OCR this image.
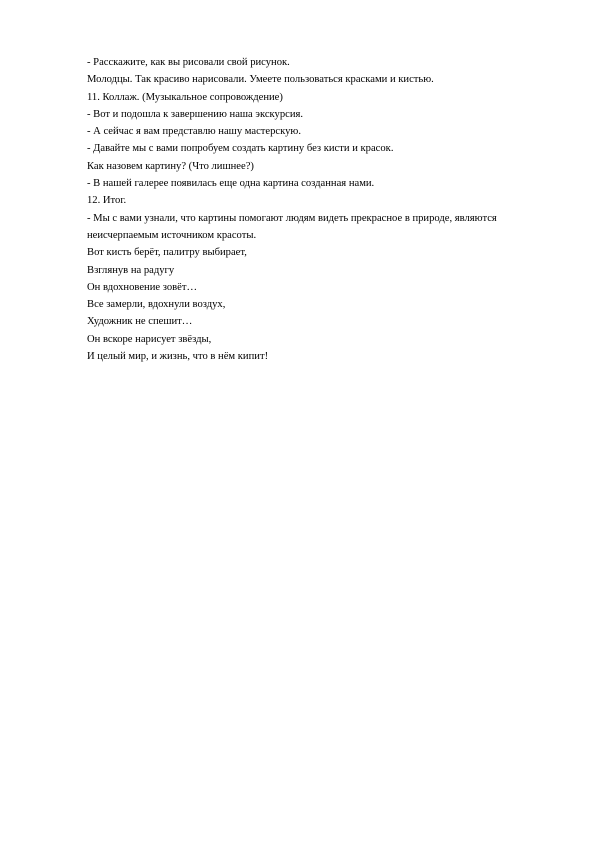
- Расскажите, как вы рисовали свой рисунок.

Молодцы. Так красиво нарисовали. Умеете пользоваться красками и кистью.

11. Коллаж. (Музыкальное сопровождение)

- Вот и подошла к завершению наша экскурсия.

- А сейчас я вам представлю нашу мастерскую.

- Давайте мы с вами попробуем создать картину без кисти и красок.

Как назовем картину? (Что лишнее?)

- В нашей галерее появилась еще одна картина созданная нами.

12. Итог.

- Мы с вами узнали, что картины помогают людям видеть прекрасное в природе, являются

неисчерпаемым источником красоты.

Вот кисть берёт, палитру выбирает,

Взглянув на радугу

Он вдохновение зовёт…

Все замерли, вдохнули воздух,

Художник не спешит…

Он вскоре нарисует звёзды,

И целый мир, и жизнь, что в нём кипит!
